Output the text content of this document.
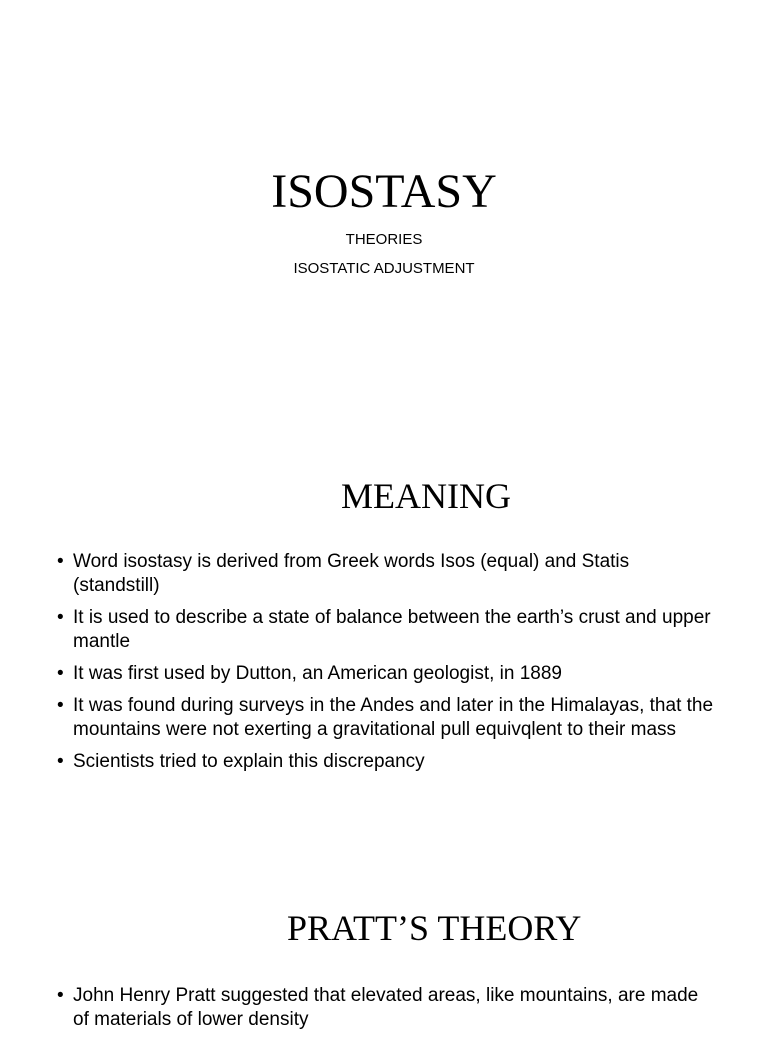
ISOSTASY
THEORIES
ISOSTATIC ADJUSTMENT
MEANING
• Word isostasy is derived from Greek words Isos (equal) and Statis (standstill)
• It is used to describe a state of balance between the earth’s crust and upper mantle
• It was first used by Dutton, an American geologist, in 1889
• It was found during surveys in the Andes and later in the Himalayas, that the mountains were not exerting a gravitational pull equivqlent to their mass
• Scientists tried to explain this discrepancy
PRATT’S THEORY
• John Henry Pratt suggested that elevated areas, like mountains, are made of materials of lower density
